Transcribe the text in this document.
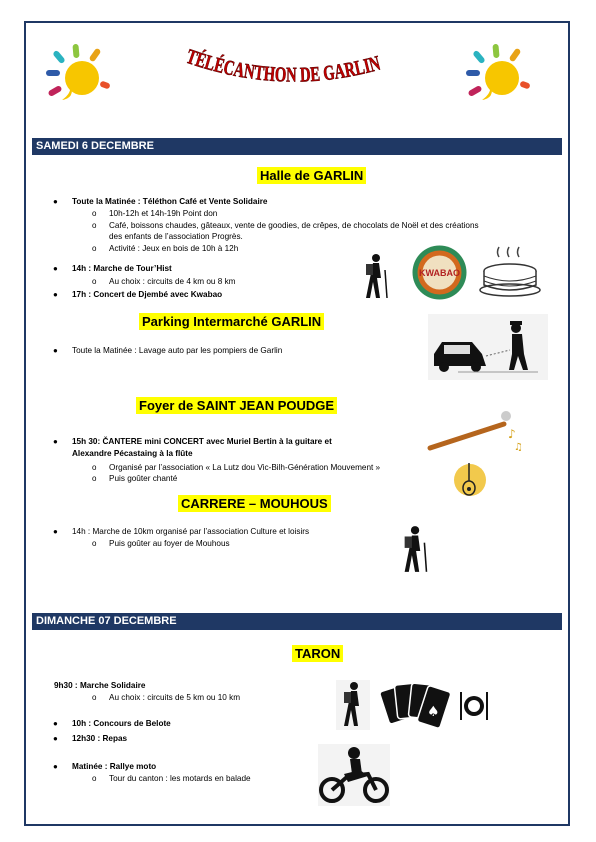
TÉLÉCANTHON DE GARLIN
SAMEDI 6 DECEMBRE
Halle de GARLIN
● Toute la Matinée : Téléthon Café et Vente Solidaire
o 10h-12h et 14h-19h Point don
o Café, boissons chaudes, gâteaux, vente de goodies, de crêpes, de chocolats de Noël et des créations
des enfants de l’association Progrès.
o Activité : Jeux en bois de 10h à 12h
● 14h : Marche de Tour’Hist
o Au choix : circuits de 4 km ou 8 km
● 17h : Concert de Djembé avec Kwabao
KWABAO
Parking Intermarché GARLIN
● Toute la Matinée : Lavage auto par les pompiers de Garlin
Foyer de SAINT JEAN POUDGE
● 15h 30: ČANTERE mini CONCERT avec Muriel Bertin à la guitare et
Alexandre Pécastaing à la flûte
o Organisé par l’association « La Lutz dou Vic-Bilh-Génération Mouvement »
o Puis goûter chanté
♪
♫
CARRERE – MOUHOUS
● 14h : Marche de 10km organisé par l’association Culture et loisirs
o Puis goûter au foyer de Mouhous
DIMANCHE 07 DECEMBRE
TARON
9h30 : Marche Solidaire
o Au choix : circuits de 5 km ou 10 km
● 10h : Concours de Belote
● 12h30 : Repas
● Matinée : Rallye moto
o Tour du canton : les motards en balade
♠
